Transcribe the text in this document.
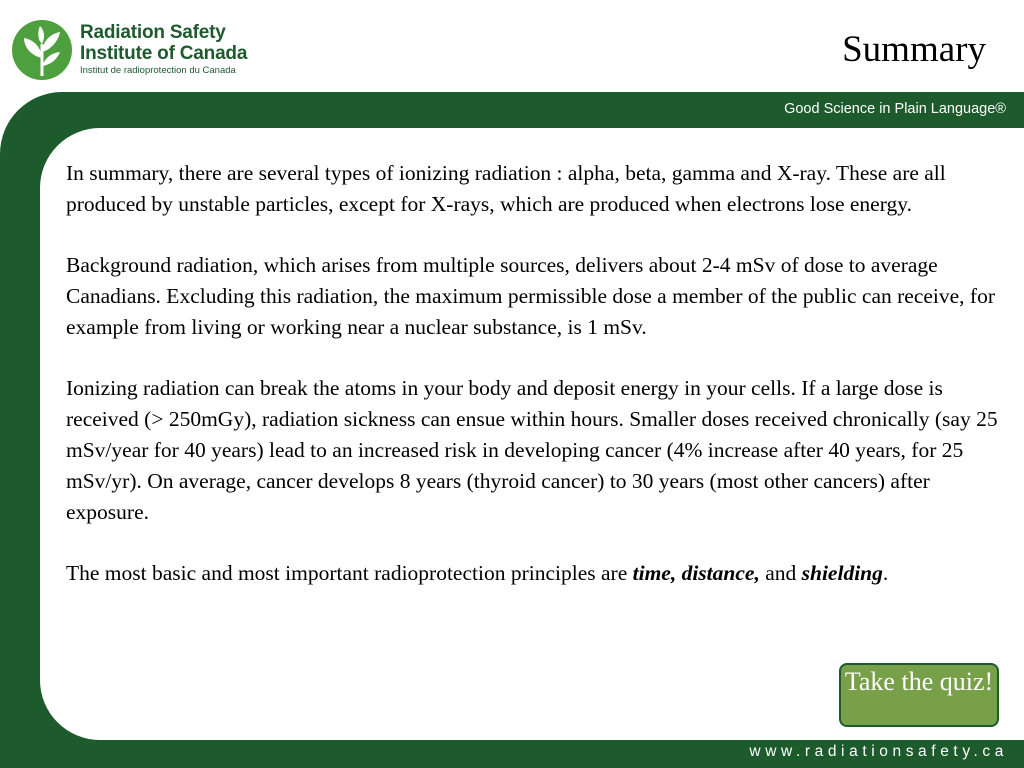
Radiation Safety
Institute of Canada
Institut de radioprotection du Canada
Summary
Good Science in Plain Language®
www.radiationsafety.ca

In summary, there are several types of ionizing radiation : alpha, beta, gamma and X-ray. These are all produced by unstable particles, except for X-rays, which are produced when electrons lose energy.

Background radiation, which arises from multiple sources, delivers about 2-4 mSv of dose to average Canadians. Excluding this radiation, the maximum permissible dose a member of the public can receive, for example from living or working near a nuclear substance, is 1 mSv.

Ionizing radiation can break the atoms in your body and deposit energy in your cells. If a large dose is received (> 250mGy), radiation sickness can ensue within hours. Smaller doses received chronically (say 25 mSv/year for 40 years) lead to an increased risk in developing cancer (4% increase after 40 years, for 25 mSv/yr). On average, cancer develops 8 years (thyroid cancer) to 30 years (most other cancers) after exposure.

The most basic and most important radioprotection principles are time, distance, and shielding.

Take the quiz!
